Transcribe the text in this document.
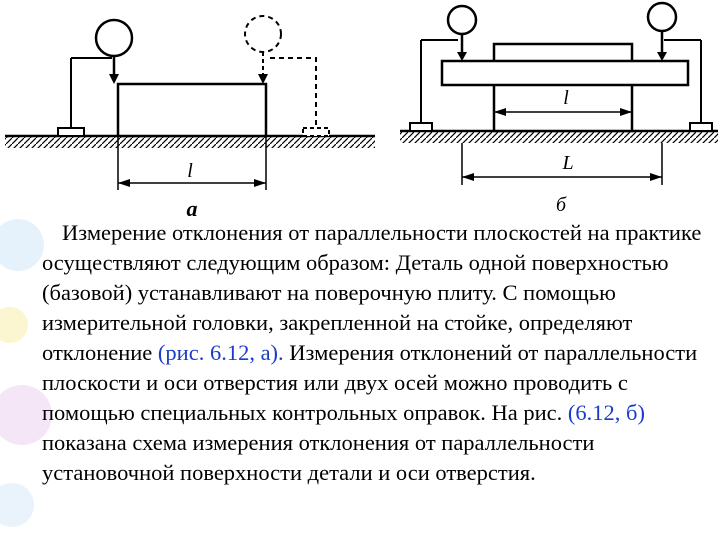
l
а
l
L
б

Измерение отклонения от параллельности плоскостей на практике осуществляют следующим образом: Деталь одной поверхностью (базовой) устанавливают на поверочную плиту. С помощью измерительной головки, закрепленной на стойке, определяют отклонение (рис. 6.12, а). Измерения отклонений от параллельности плоскости и оси отверстия или двух осей можно проводить с помощью специальных контрольных оправок. На рис. (6.12, б) показана схема измерения отклонения от параллельности установочной поверхности детали и оси отверстия.
